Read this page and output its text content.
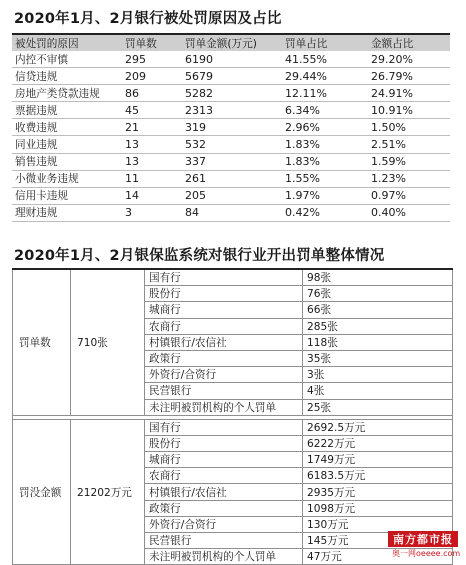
2020年1月、2月银行被处罚原因及占比
被处罚的原因	罚单数	罚单金额(万元)	罚单占比	金额占比
内控不审慎	295	6190	41.55%	29.20%
信贷违规	209	5679	29.44%	26.79%
房地产类贷款违规	86	5282	12.11%	24.91%
票据违规	45	2313	6.34%	10.91%
收费违规	21	319	2.96%	1.50%
同业违规	13	532	1.83%	2.51%
销售违规	13	337	1.83%	1.59%
小微业务违规	11	261	1.55%	1.23%
信用卡违规	14	205	1.97%	0.97%
理财违规	3	84	0.42%	0.40%
2020年1月、2月银保监系统对银行业开出罚单整体情况
罚单数	710张	国有行	98张
		股份行	76张
		城商行	66张
		农商行	285张
		村镇银行/农信社	118张
		政策行	35张
		外资行/合资行	3张
		民营银行	4张
		未注明被罚机构的个人罚单	25张

罚没金额	21202万元	国有行	2692.5万元
		股份行	6222万元
		城商行	1749万元
		农商行	6183.5万元
		村镇银行/农信社	2935万元
		政策行	1098万元
		外资行/合资行	130万元
		民营银行	145万元
		未注明被罚机构的个人罚单	47万元
南方都市报
奥一网oeeee.com
